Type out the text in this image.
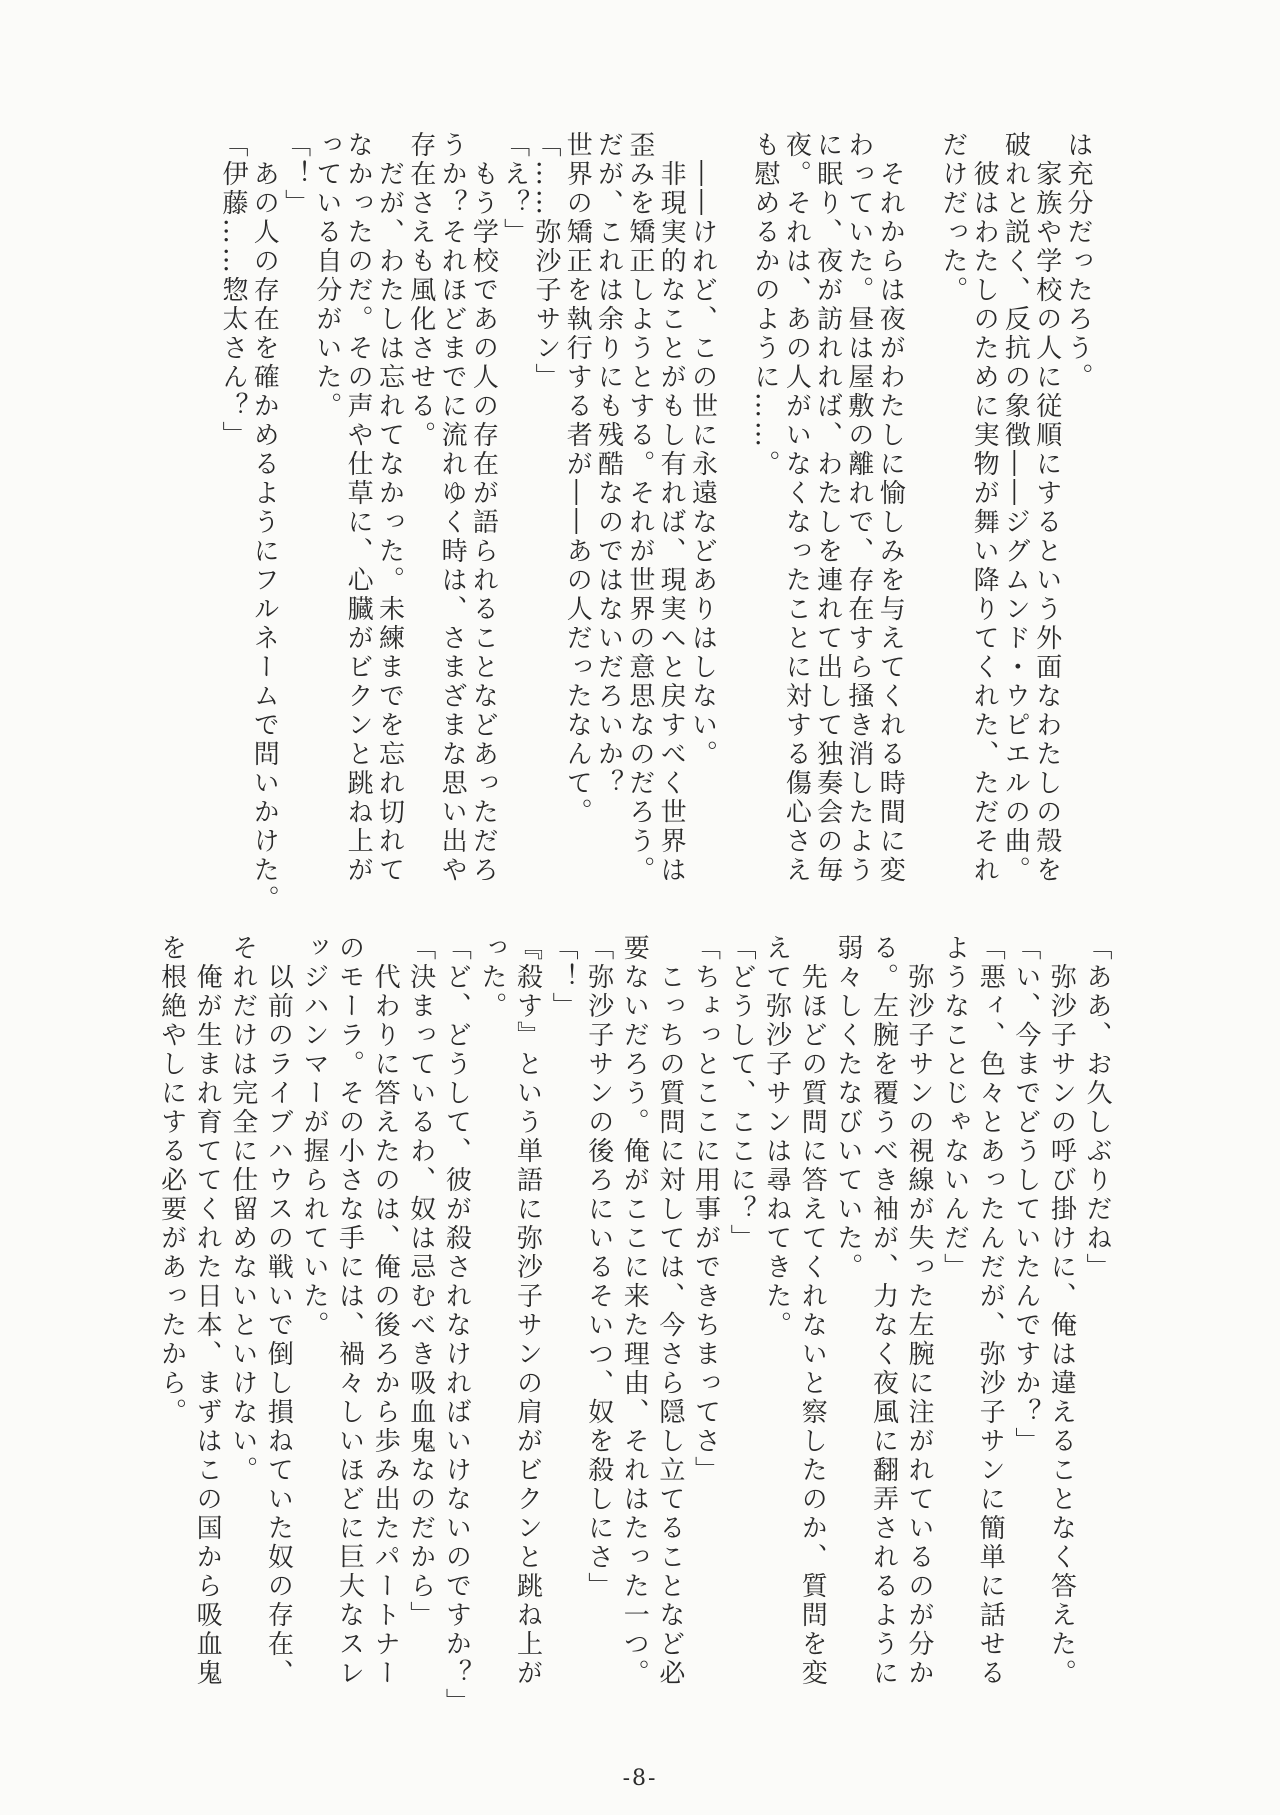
は充分だったろう。
　家族や学校の人に従順にするという外面なわたしの殻を
破れと説く、反抗の象徴――ジグムンド・ウピエルの曲。
　彼はわたしのために実物が舞い降りてくれた、ただそれ
だけだった。

　それからは夜がわたしに愉しみを与えてくれる時間に変
わっていた。昼は屋敷の離れで、存在すら掻き消したよう
に眠り、夜が訪れれば、わたしを連れて出して独奏会の毎
夜。それは、あの人がいなくなったことに対する傷心さえ
も慰めるかのように……。

　――けれど、この世に永遠などありはしない。
　非現実的なことがもし有れば、現実へと戻すべく世界は
歪みを矯正しようとする。それが世界の意思なのだろう。
だが、これは余りにも残酷なのではないだろいか？
世界の矯正を執行する者が――あの人だったなんて。
「……弥沙子サン」
「え？」
　もう学校であの人の存在が語られることなどあっただろ
うか？それほどまでに流れゆく時は、さまざまな思い出や
存在さえも風化させる。
　だが、わたしは忘れてなかった。未練までを忘れ切れて
なかったのだ。その声や仕草に、心臓がビクンと跳ね上が
っている自分がいた。
「！」
　あの人の存在を確かめるようにフルネームで問いかけた。
「伊藤……惣太さん？」
「ああ、お久しぶりだね」
　弥沙子サンの呼び掛けに、俺は違えることなく答えた。
「い、今までどうしていたんですか？」
「悪ィ、色々とあったんだが、弥沙子サンに簡単に話せる
ようなことじゃないんだ」
　弥沙子サンの視線が失った左腕に注がれているのが分か
る。左腕を覆うべき袖が、力なく夜風に翻弄されるように
弱々しくたなびいていた。
　先ほどの質問に答えてくれないと察したのか、質問を変
えて弥沙子サンは尋ねてきた。
「どうして、ここに？」
「ちょっとここに用事ができちまってさ」
　こっちの質問に対しては、今さら隠し立てることなど必
要ないだろう。俺がここに来た理由、それはたった一つ。
「弥沙子サンの後ろにいるそいつ、奴を殺しにさ」
「！」
『殺す』という単語に弥沙子サンの肩がビクンと跳ね上が
った。
「ど、どうして、彼が殺されなければいけないのですか？」
「決まっているわ、奴は忌むべき吸血鬼なのだから」
　代わりに答えたのは、俺の後ろから歩み出たパートナー
のモーラ。その小さな手には、禍々しいほどに巨大なスレ
ッジハンマーが握られていた。
　以前のライブハウスの戦いで倒し損ねていた奴の存在、
それだけは完全に仕留めないといけない。
　俺が生まれ育ててくれた日本、まずはこの国から吸血鬼
を根絶やしにする必要があったから。
-8-
